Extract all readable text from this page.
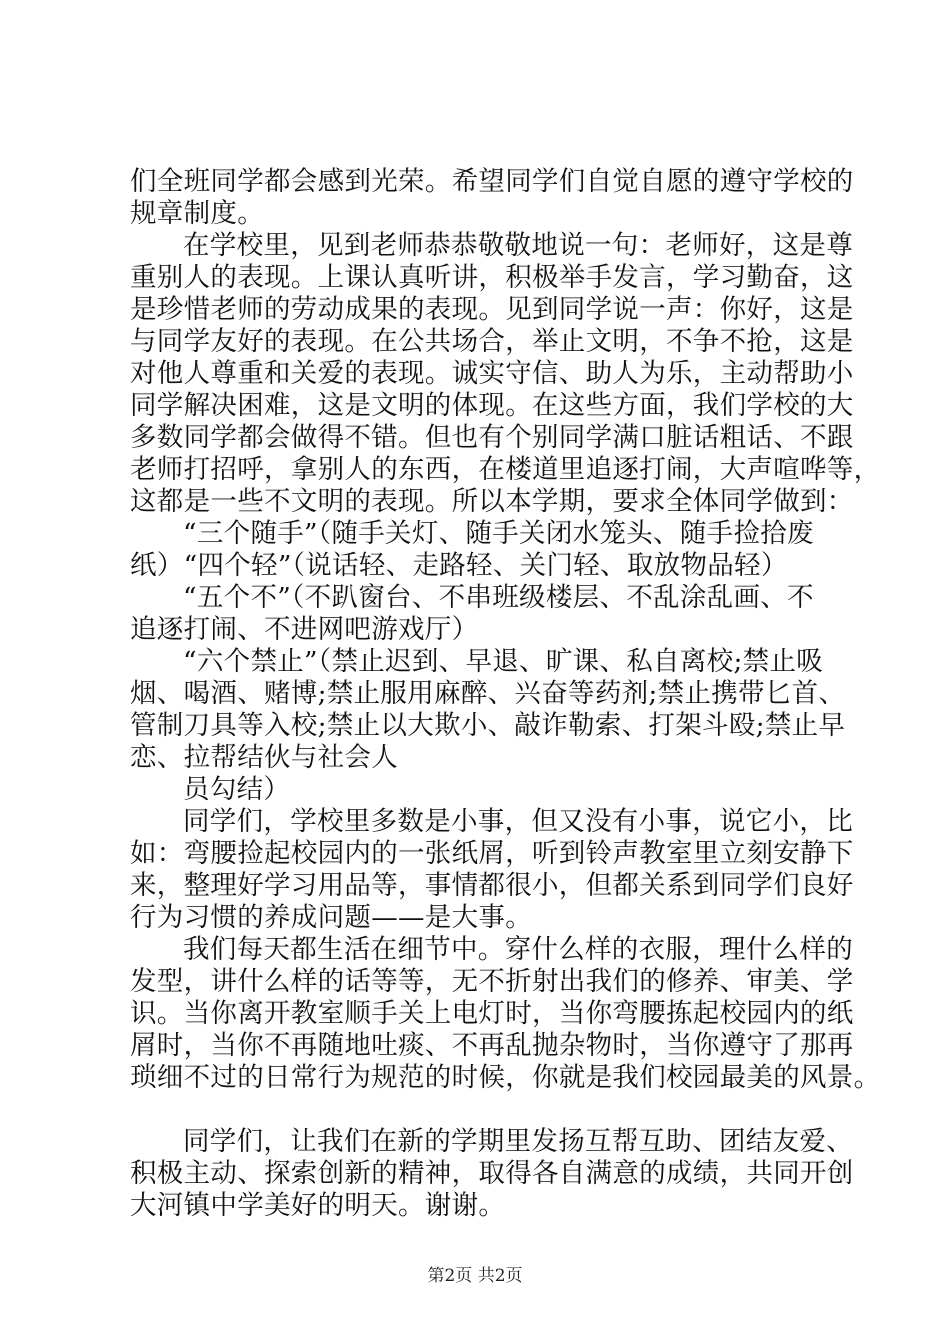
们全班同学都会感到光荣。希望同学们自觉自愿的遵守学校的
规章制度。
在学校里，见到老师恭恭敬敬地说一句：老师好，这是尊
重别人的表现。上课认真听讲，积极举手发言，学习勤奋，这
是珍惜老师的劳动成果的表现。见到同学说一声：你好，这是
与同学友好的表现。在公共场合，举止文明，不争不抢，这是
对他人尊重和关爱的表现。诚实守信、助人为乐，主动帮助小
同学解决困难，这是文明的体现。在这些方面，我们学校的大
多数同学都会做得不错。但也有个别同学满口脏话粗话、不跟
老师打招呼，拿别人的东西，在楼道里追逐打闹，大声喧哗等，
这都是一些不文明的表现。所以本学期，要求全体同学做到：
“三个随手”（随手关灯、随手关闭水笼头、随手捡拾废
纸）“四个轻”（说话轻、走路轻、关门轻、取放物品轻）
“五个不”（不趴窗台、不串班级楼层、不乱涂乱画、不
追逐打闹、不进网吧游戏厅）
“六个禁止”（禁止迟到、早退、旷课、私自离校;禁止吸
烟、喝酒、赌博;禁止服用麻醉、兴奋等药剂;禁止携带匕首、
管制刀具等入校;禁止以大欺小、敲诈勒索、打架斗殴;禁止早
恋、拉帮结伙与社会人
员勾结）
同学们，学校里多数是小事，但又没有小事，说它小，比
如：弯腰捡起校园内的一张纸屑，听到铃声教室里立刻安静下
来，整理好学习用品等，事情都很小，但都关系到同学们良好
行为习惯的养成问题——是大事。
我们每天都生活在细节中。穿什么样的衣服，理什么样的
发型，讲什么样的话等等，无不折射出我们的修养、审美、学
识。当你离开教室顺手关上电灯时，当你弯腰拣起校园内的纸
屑时，当你不再随地吐痰、不再乱抛杂物时，当你遵守了那再
琐细不过的日常行为规范的时候，你就是我们校园最美的风景。
同学们，让我们在新的学期里发扬互帮互助、团结友爱、
积极主动、探索创新的精神，取得各自满意的成绩，共同开创
大河镇中学美好的明天。谢谢。
第2页 共2页
